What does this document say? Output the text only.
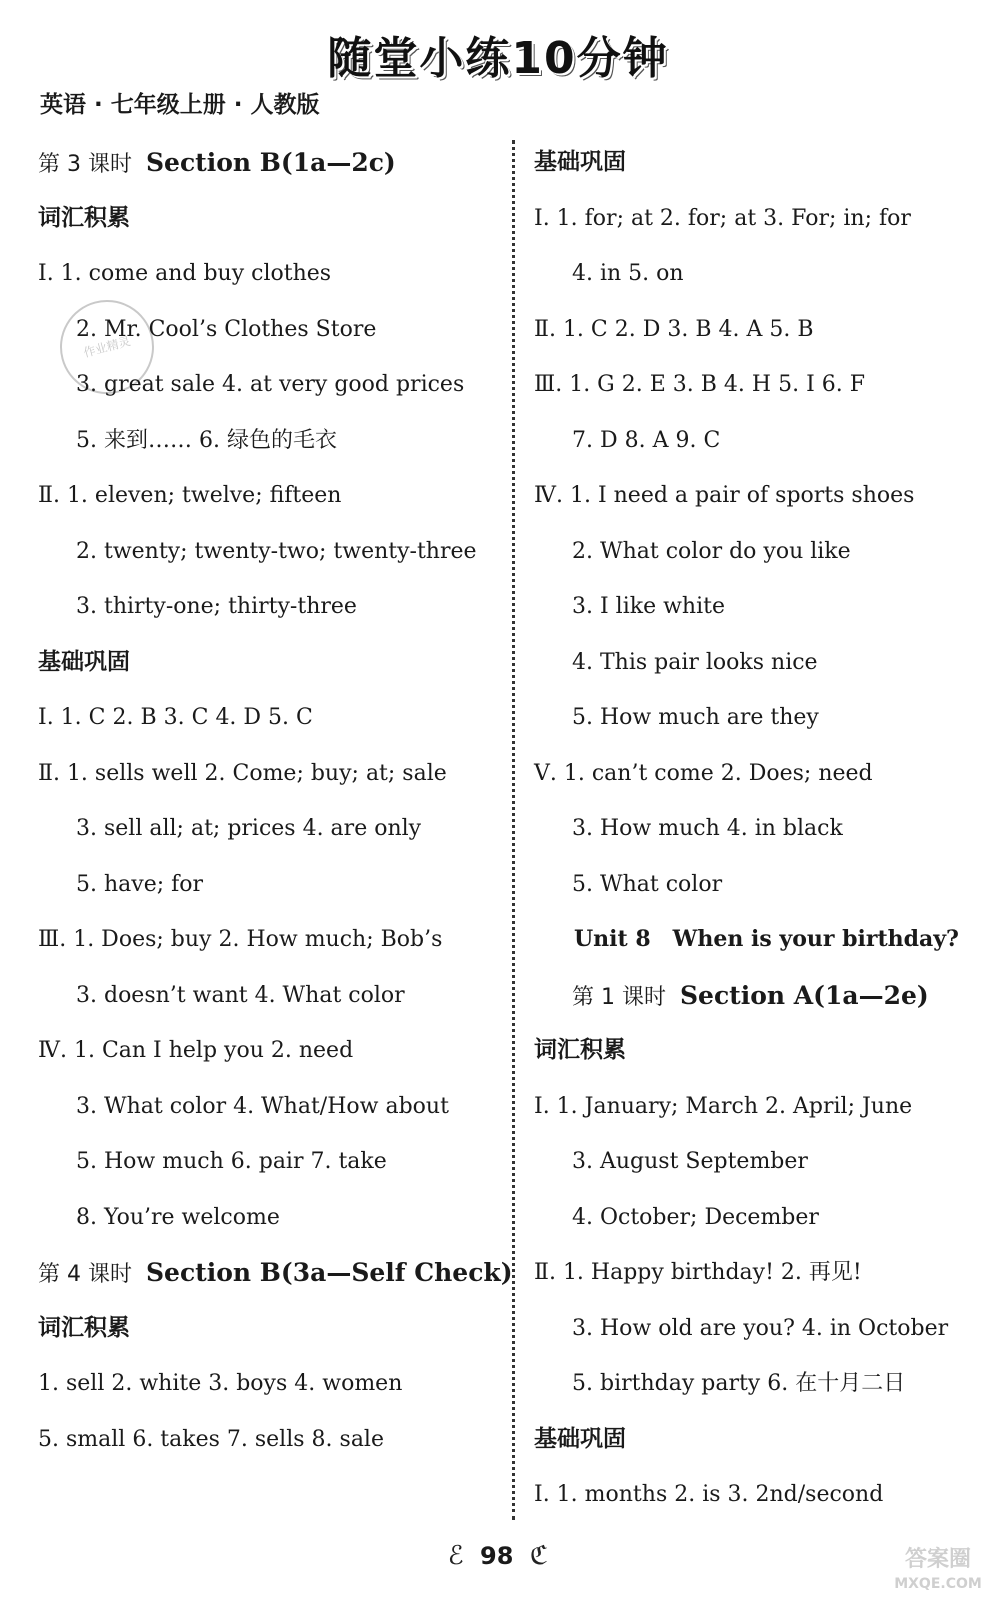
随堂小练10分钟
英语 · 七年级上册 · 人教版
作业精灵
第 3 课时 Section B(1a—2c)
词汇积累
Ⅰ. 1. come and buy clothes
2. Mr. Cool’s Clothes Store
3. great sale 4. at very good prices
5. 来到…… 6. 绿色的毛衣
Ⅱ. 1. eleven; twelve; fifteen
2. twenty; twenty-two; twenty-three
3. thirty-one; thirty-three
基础巩固
Ⅰ. 1. C 2. B 3. C 4. D 5. C
Ⅱ. 1. sells well 2. Come; buy; at; sale
3. sell all; at; prices 4. are only
5. have; for
Ⅲ. 1. Does; buy 2. How much; Bob’s
3. doesn’t want 4. What color
Ⅳ. 1. Can I help you 2. need
3. What color 4. What/How about
5. How much 6. pair 7. take
8. You’re welcome
第 4 课时 Section B(3a—Self Check)
词汇积累
1. sell 2. white 3. boys 4. women
5. small 6. takes 7. sells 8. sale
基础巩固
Ⅰ. 1. for; at 2. for; at 3. For; in; for
4. in 5. on
Ⅱ. 1. C 2. D 3. B 4. A 5. B
Ⅲ. 1. G 2. E 3. B 4. H 5. I 6. F
7. D 8. A 9. C
Ⅳ. 1. I need a pair of sports shoes
2. What color do you like
3. I like white
4. This pair looks nice
5. How much are they
Ⅴ. 1. can’t come 2. Does; need
3. How much 4. in black
5. What color
Unit 8 When is your birthday?
第 1 课时 Section A(1a—2e)
词汇积累
Ⅰ. 1. January; March 2. April; June
3. August September
4. October; December
Ⅱ. 1. Happy birthday! 2. 再见!
3. How old are you? 4. in October
5. birthday party 6. 在十月二日
基础巩固
Ⅰ. 1. months 2. is 3. 2nd/second
ℰ 98 ℭ	答案圈
MXQE.COM
